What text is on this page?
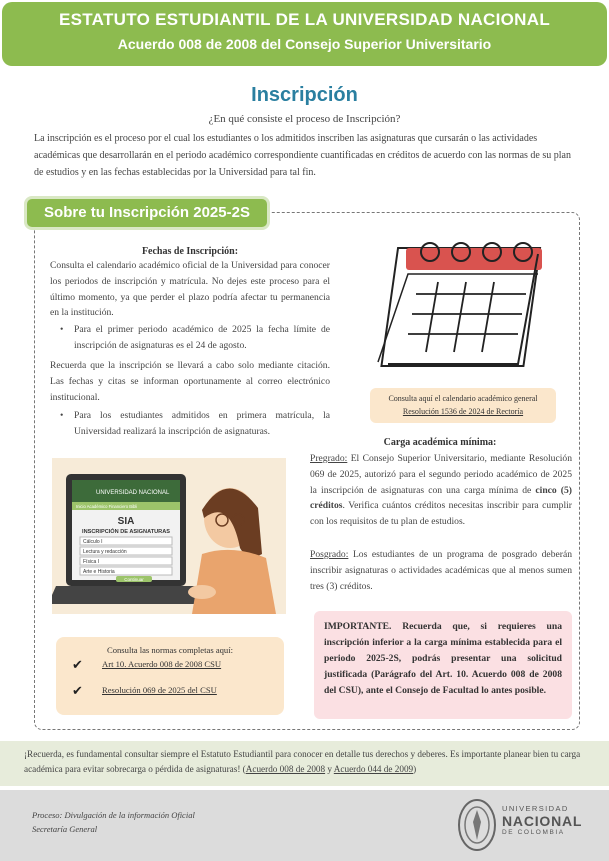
ESTATUTO ESTUDIANTIL DE LA UNIVERSIDAD NACIONAL
Acuerdo 008 de 2008 del Consejo Superior Universitario
Inscripción
¿En qué consiste el proceso de Inscripción?
La inscripción es el proceso por el cual los estudiantes o los admitidos inscriben las asignaturas que cursarán o las actividades académicas que desarrollarán en el periodo académico correspondiente cuantificadas en créditos de acuerdo con las normas de su plan de estudios y en las fechas establecidas por la Universidad para tal fin.
Sobre tu Inscripción 2025-2S
Fechas de Inscripción:
Consulta el calendario académico oficial de la Universidad para conocer los periodos de inscripción y matrícula. No dejes este proceso para el último momento, ya que perder el plazo podría afectar tu permanencia en la institución.
• Para el primer periodo académico de 2025 la fecha límite de inscripción de asignaturas es el 24 de agosto.
Recuerda que la inscripción se llevará a cabo solo mediante citación. Las fechas y citas se informan oportunamente al correo electrónico institucional.
• Para los estudiantes admitidos en primera matrícula, la Universidad realizará la inscripción de asignaturas.
Consulta aquí el calendario académico general
Resolución 1536 de 2024 de Rectoría
Carga académica mínima:
Pregrado: El Consejo Superior Universitario, mediante Resolución 069 de 2025, autorizó para el segundo periodo académico de 2025 la inscripción de asignaturas con una carga mínima de cinco (5) créditos. Verifica cuántos créditos necesitas inscribir para cumplir con los requisitos de tu plan de estudios.
Posgrado: Los estudiantes de un programa de posgrado deberán inscribir asignaturas o actividades académicas que al menos sumen tres (3) créditos.
UNIVERSIDAD NACIONAL
Inicio Académico Financiero Bibli
SIA
INSCRIPCIÓN DE ASIGNATURAS
Cálculo I
Lectura y redacción
Física I
Arte e Historia
Continuar
Consulta las normas completas aquí:
✔ Art 10. Acuerdo 008 de 2008 CSU
✔ Resolución 069 de 2025 del CSU
IMPORTANTE. Recuerda que, si requieres una inscripción inferior a la carga mínima establecida para el periodo 2025-2S, podrás presentar una solicitud justificada (Parágrafo del Art. 10. Acuerdo 008 de 2008 del CSU), ante el Consejo de Facultad lo antes posible.
¡Recuerda, es fundamental consultar siempre el Estatuto Estudiantil para conocer en detalle tus derechos y deberes. Es importante planear bien tu carga académica para evitar sobrecarga o pérdida de asignaturas! (Acuerdo 008 de 2008 y Acuerdo 044 de 2009)
Proceso: Divulgación de la información Oficial
Secretaría General
UNIVERSIDAD
NACIONAL
DE COLOMBIA
